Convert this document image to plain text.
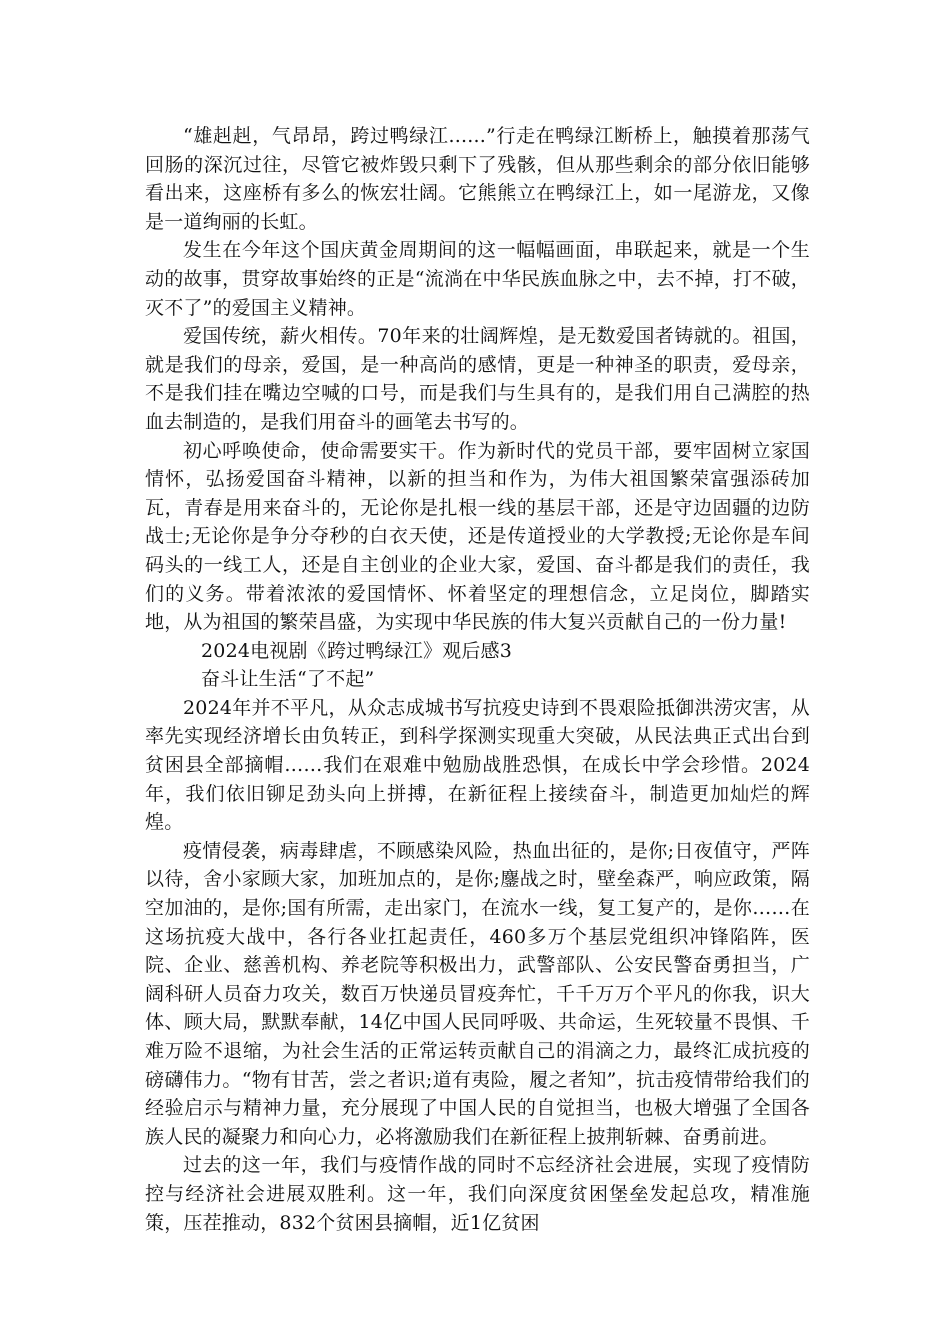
“雄赳赳，气昂昂，跨过鸭绿江......”行走在鸭绿江断桥上，触摸着那荡气回肠的深沉过往，尽管它被炸毁只剩下了残骸，但从那些剩余的部分依旧能够看出来，这座桥有多么的恢宏壮阔。它熊熊立在鸭绿江上，如一尾游龙，又像是一道绚丽的长虹。

发生在今年这个国庆黄金周期间的这一幅幅画面，串联起来，就是一个生动的故事，贯穿故事始终的正是“流淌在中华民族血脉之中，去不掉，打不破，灭不了”的爱国主义精神。

爱国传统，薪火相传。70年来的壮阔辉煌，是无数爱国者铸就的。祖国，就是我们的母亲，爱国，是一种高尚的感情，更是一种神圣的职责，爱母亲，不是我们挂在嘴边空喊的口号，而是我们与生具有的，是我们用自己满腔的热血去制造的，是我们用奋斗的画笔去书写的。

初心呼唤使命，使命需要实干。作为新时代的党员干部，要牢固树立家国情怀，弘扬爱国奋斗精神，以新的担当和作为，为伟大祖国繁荣富强添砖加瓦，青春是用来奋斗的，无论你是扎根一线的基层干部，还是守边固疆的边防战士;无论你是争分夺秒的白衣天使，还是传道授业的大学教授;无论你是车间码头的一线工人，还是自主创业的企业大家，爱国、奋斗都是我们的责任，我们的义务。带着浓浓的爱国情怀、怀着坚定的理想信念，立足岗位，脚踏实地，从为祖国的繁荣昌盛，为实现中华民族的伟大复兴贡献自己的一份力量!

2024电视剧《跨过鸭绿江》观后感3

奋斗让生活“了不起”

2024年并不平凡，从众志成城书写抗疫史诗到不畏艰险抵御洪涝灾害，从率先实现经济增长由负转正，到科学探测实现重大突破，从民法典正式出台到贫困县全部摘帽……我们在艰难中勉励战胜恐惧，在成长中学会珍惜。2024年，我们依旧铆足劲头向上拼搏，在新征程上接续奋斗，制造更加灿烂的辉煌。

疫情侵袭，病毒肆虐，不顾感染风险，热血出征的，是你;日夜值守，严阵以待，舍小家顾大家，加班加点的，是你;鏖战之时，壁垒森严，响应政策，隔空加油的，是你;国有所需，走出家门，在流水一线，复工复产的，是你……在这场抗疫大战中，各行各业扛起责任，460多万个基层党组织冲锋陷阵，医院、企业、慈善机构、养老院等积极出力，武警部队、公安民警奋勇担当，广阔科研人员奋力攻关，数百万快递员冒疫奔忙，千千万万个平凡的你我，识大体、顾大局，默默奉献，14亿中国人民同呼吸、共命运，生死较量不畏惧、千难万险不退缩，为社会生活的正常运转贡献自己的涓滴之力，最终汇成抗疫的磅礴伟力。“物有甘苦，尝之者识;道有夷险，履之者知”，抗击疫情带给我们的经验启示与精神力量，充分展现了中国人民的自觉担当，也极大增强了全国各族人民的凝聚力和向心力，必将激励我们在新征程上披荆斩棘、奋勇前进。

过去的这一年，我们与疫情作战的同时不忘经济社会进展，实现了疫情防控与经济社会进展双胜利。这一年，我们向深度贫困堡垒发起总攻，精准施策，压茬推动，832个贫困县摘帽，近1亿贫困
